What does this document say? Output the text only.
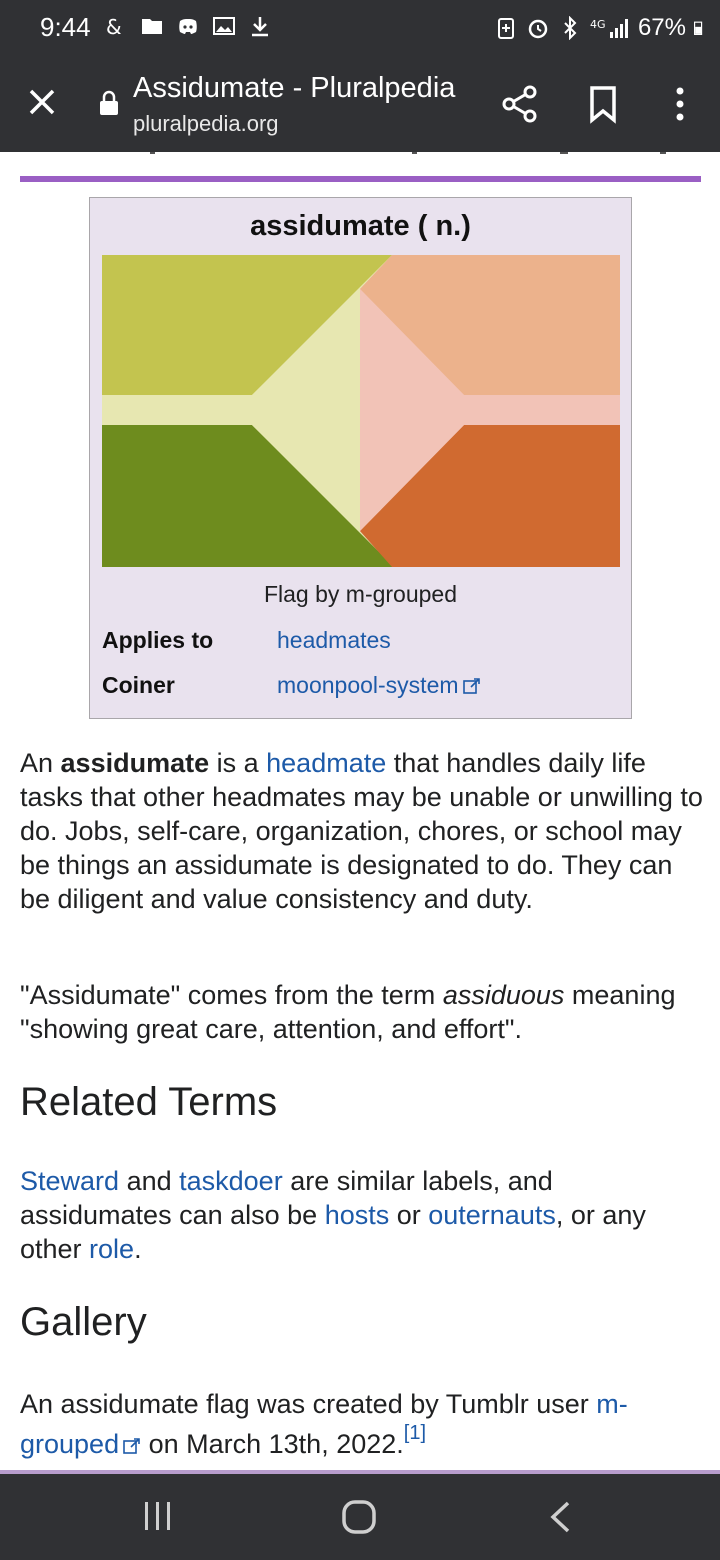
9:44 &	4G 67%
Assidumate - Pluralpedia
pluralpedia.org
assidumate ( n.)
Flag by m-grouped
Applies to	headmates
Coiner	moonpool-system

An assidumate is a headmate that handles daily life tasks that other headmates may be unable or unwilling to do. Jobs, self-care, organization, chores, or school may be things an assidumate is designated to do. They can be diligent and value consistency and duty.

"Assidumate" comes from the term assiduous meaning "showing great care, attention, and effort".

Related Terms

Steward and taskdoer are similar labels, and assidumates can also be hosts or outernauts, or any other role.

Gallery

An assidumate flag was created by Tumblr user m-grouped on March 13th, 2022.[1]
